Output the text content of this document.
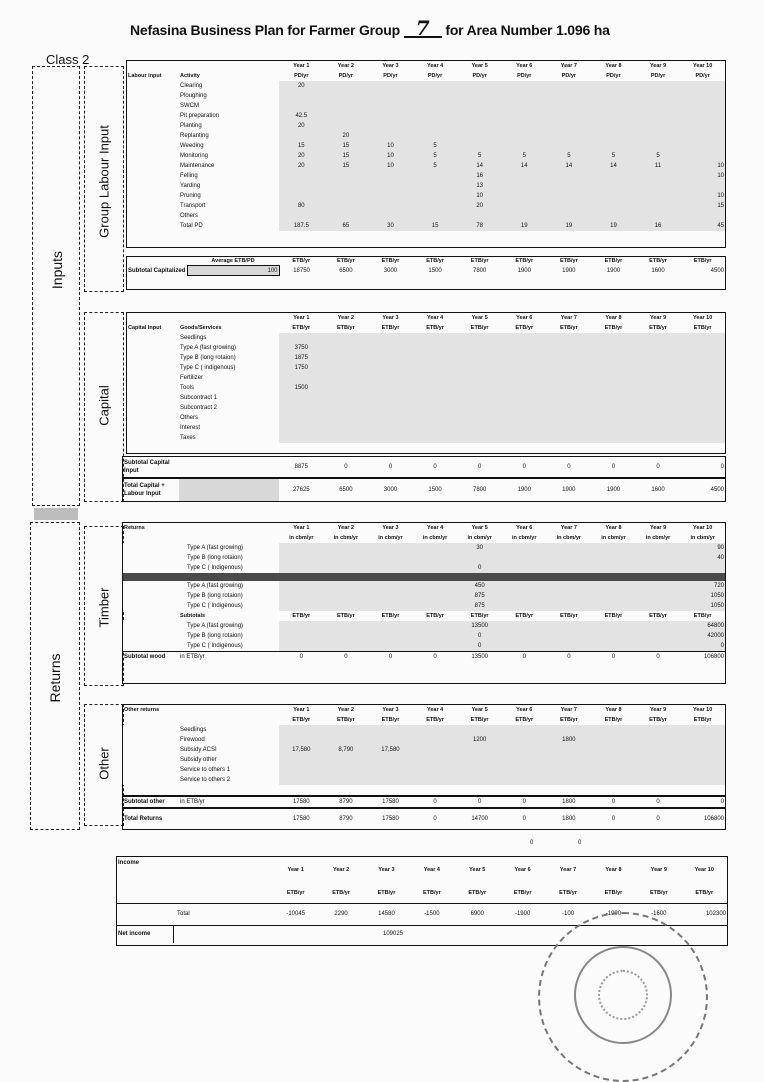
Nefasina Business Plan for Farmer Group 7 for Area Number 1.096 ha
Class 2
Inputs
Returns
Group Labour Input
Capital
Timber
Other
		Year 1	Year 2	Year 3	Year 4	Year 5	Year 6	Year 7	Year 8	Year 9	Year 10
Labour input	Activity	PD/yr	PD/yr	PD/yr	PD/yr	PD/yr	PD/yr	PD/yr	PD/yr	PD/yr	PD/yr
	Clearing	20									
	Ploughing										
	SWCM										
	Pit preparation	42.5									
	Planting	20									
	Replanting		20								
	Weeding	15	15	10	5						
	Monitoring	20	15	10	5	5	5	5	5	5	
	Maintenance	20	15	10	5	14	14	14	14	11	10
	Felling					16					10
	Yarding					13					
	Pruning					10					10
	Transport	80				20					15
	Others										
	Total PD	187.5	65	30	15	78	19	19	19	16	45
	Average ETB/PD	ETB/yr	ETB/yr	ETB/yr	ETB/yr	ETB/yr	ETB/yr	ETB/yr	ETB/yr	ETB/yr	ETB/yr
Subtotal Capitalized	100	18750	6500	3000	1500	7800	1900	1900	1900	1600	4500
		Year 1	Year 2	Year 3	Year 4	Year 5	Year 6	Year 7	Year 8	Year 9	Year 10
Capital Input	Goods/Services	ETB/yr	ETB/yr	ETB/yr	ETB/yr	ETB/yr	ETB/yr	ETB/yr	ETB/yr	ETB/yr	ETB/yr
	Seedlings										
	Type A (fast growing)	3750									
	Type B (long rotaion)	1875									
	Type C ( indigenous)	1750									
	Fertilizer										
	Tools	1500									
	Subcontract 1										
	Subcontract 2										
	Others										
	Interest										
	Taxes										
Subtotal Capital Input		8875	0	0	0	0	0	0	0	0	0
Total Capital + Labour Input		27625	6500	3000	1500	7800	1900	1900	1900	1600	4500
Returns		Year 1	Year 2	Year 3	Year 4	Year 5	Year 6	Year 7	Year 8	Year 9	Year 10
		in cbm/yr	in cbm/yr	in cbm/yr	in cbm/yr	in cbm/yr	in cbm/yr	in cbm/yr	in cbm/yr	in cbm/yr	in cbm/yr
	Type A (fast growing)					30					90
	Type B (long rotaion)										40
	Type C ( Indigenous)					0					

	Type A (fast growing)					450					720
	Type B (long rotaion)					875					1050
	Type C ( Indigenous)					875					1050
	Subtotals	ETB/yr	ETB/yr	ETB/yr	ETB/yr	ETB/yr	ETB/yr	ETB/yr	ETB/yr	ETB/yr	ETB/yr
	Type A (fast growing)					13500					64800
	Type B (long rotaion)					0					42000
	Type C ( Indigenous)					0					0
Subtotal wood	in ETB/yr	0	0	0	0	13500	0	0	0	0	106800
Other returns		Year 1	Year 2	Year 3	Year 4	Year 5	Year 6	Year 7	Year 8	Year 9	Year 10
		ETB/yr	ETB/yr	ETB/yr	ETB/yr	ETB/yr	ETB/yr	ETB/yr	ETB/yr	ETB/yr	ETB/yr
	Seedlings										
	Firewood					1200		1800			
	Subsidy ACSI	17,580	8,790	17,580							
	Subsidy other										
	Service to others 1										
	Service to others 2										
Subtotal other	in ETB/yr	17580	8790	17580	0	0	0	1800	0	0	0
Total Returns		17580	8790	17580	0	14700	0	1800	0	0	106800
0	0
Income		Year 1	Year 2	Year 3	Year 4	Year 5	Year 6	Year 7	Year 8	Year 9	Year 10
		ETB/yr	ETB/yr	ETB/yr	ETB/yr	ETB/yr	ETB/yr	ETB/yr	ETB/yr	ETB/yr	ETB/yr
	Total	-10045	2290	14580	-1500	6900	-1900	-100	-1900	-1600	102300
Net income		109025									
